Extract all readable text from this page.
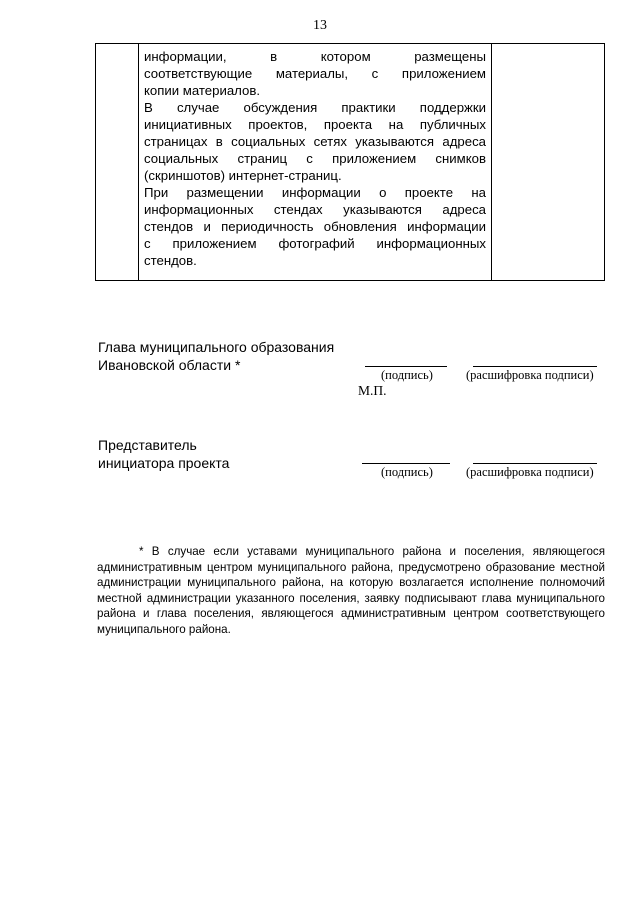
13

информации, в котором размещены

соответствующие материалы, с приложением

копии материалов.

В случае обсуждения практики поддержки

инициативных проектов, проекта на публичных

страницах в социальных сетях указываются адреса

социальных страниц с приложением снимков

(скриншотов) интернет-страниц.

При размещении информации о проекте на

информационных стендах указываются адреса

стендов и периодичность обновления информации

с приложением фотографий информационных

стендов.

Глава муниципального образования
Ивановской области *
(подпись)	(расшифровка подписи)
М.П.
Представитель
инициатора проекта
(подпись)	(расшифровка подписи)

* В случае если уставами муниципального района и поселения, являющегося административным центром муниципального района, предусмотрено образование местной администрации муниципального района, на которую возлагается исполнение полномочий местной администрации указанного поселения, заявку подписывают глава муниципального района и глава поселения, являющегося административным центром соответствующего муниципального района.
